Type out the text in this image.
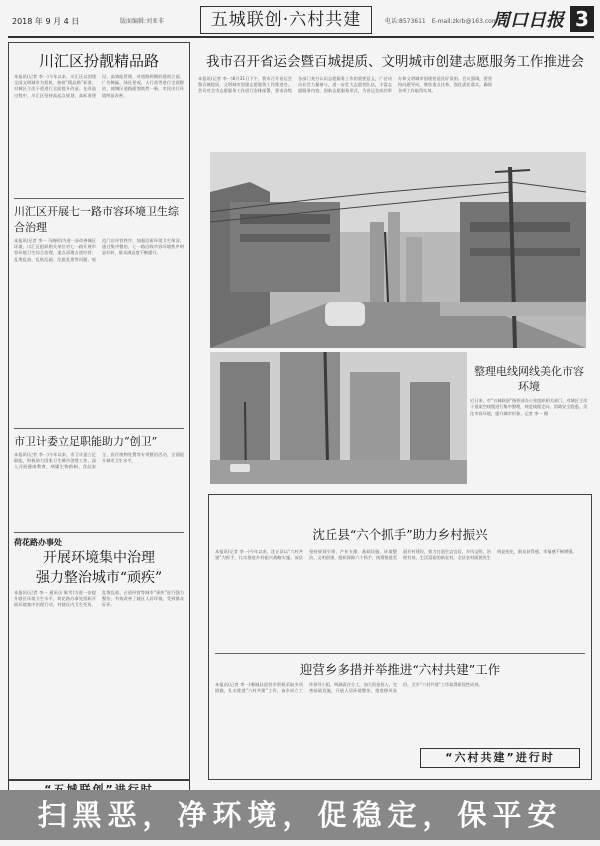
2018 年 9 月 4 日	版面编辑:刘亚非	五城联创·六村共建	电话:8573611　E-mail:zkrb@163.com
周口日报 3
川汇区扮靓精品路
本报讯(记者 李一)今年以来，川汇区以创建全国文明城市为契机，按照“精品路”标准，对城区主次干道进行全面提升改造。在改造过程中，川汇区坚持高起点规划、高标准建设、高效能管理，对道路两侧的建筑立面、广告牌匾、绿化景观、人行道等进行全面整治，使城区道路面貌焕然一新，市民出行环境明显改善。
川汇区开展七一路市容环境卫生综合治理
本报讯(记者 李一 马晓明)为进一步改善城区环境，川汇区组织相关单位对七一路开展市容环境卫生综合治理，重点清理占道经营、乱堆乱放、乱贴乱画、乱搭乱建等问题，规范门店经营秩序，加强沿街环境卫生保洁。通过集中整治，七一路沿线市容环境秩序明显好转，群众满意度不断提升。
市卫计委立足职能助力“创卫”
本报讯(记者 李一)今年以来，市卫计委立足职能，积极助力国家卫生城市创建工作，深入开展健康教育、病媒生物防制、食品安全、医疗废物处置等专项整治活动，全面提升城市卫生水平。
荷花路办事处
开展环境集中治理
强力整治城市“顽疾”
本报讯(记者 李一 通讯员 陈雪)为进一步提升辖区环境卫生水平，荷花路办事处组织开展环境集中治理行动，对辖区内卫生死角、乱堆乱放、占道经营等城市“顽疾”进行强力整治，有效改善了辖区人居环境，受到群众好评。
我市召开省运会暨百城提质、文明城市创建志愿服务工作推进会
本报讯(记者 李一)8月31日下午，我市召开省运会暨百城提质、文明城市创建志愿服务工作推进会。会议对全市志愿服务工作进行安排部署，要求各级各部门充分认识志愿服务工作的重要意义，广泛动员社会力量参与，进一步壮大志愿者队伍，丰富志愿服务内容，创新志愿服务形式，为省运会成功举办和文明城市创建营造良好氛围。会议强调，要坚持问题导向，聚焦重点任务，强化责任落实，确保各项工作取得实效。
整理电线网线美化市容环境
近日来，市“五城联创”指挥部办公室组织相关部门，对城区主次干道架空线缆进行集中整理，规范线缆走向，消除安全隐患，美化市容环境，提升城市形象。记者 李一 摄
沈丘县“六个抓手”助力乡村振兴
本报讯(记者 李一)今年以来，沈丘县以“六村共建”为抓手，扎实推进乡村振兴战略实施。该县坚持规划引领、产业支撑、基础设施、环境整治、文明创建、组织保障六个抓手，统筹推进美丽乡村建设，着力打造生态宜居、乡风文明、治理有效、生活富裕的新农村，全县农村面貌发生明显变化，群众获得感、幸福感不断增强。
迎营乡多措并举推进“六村共建”工作
本报讯(记者 李一)郸城县迎营乡积极采取多项措施，扎实推进“六村共建”工作。该乡成立工作领导小组，明确责任分工，加大资金投入，完善基础设施，开展人居环境整治，推进移风易俗，全乡“六村共建”工作取得阶段性成效。
“六村共建”进行时
扫黑恶，净环境，促稳定，保平安
